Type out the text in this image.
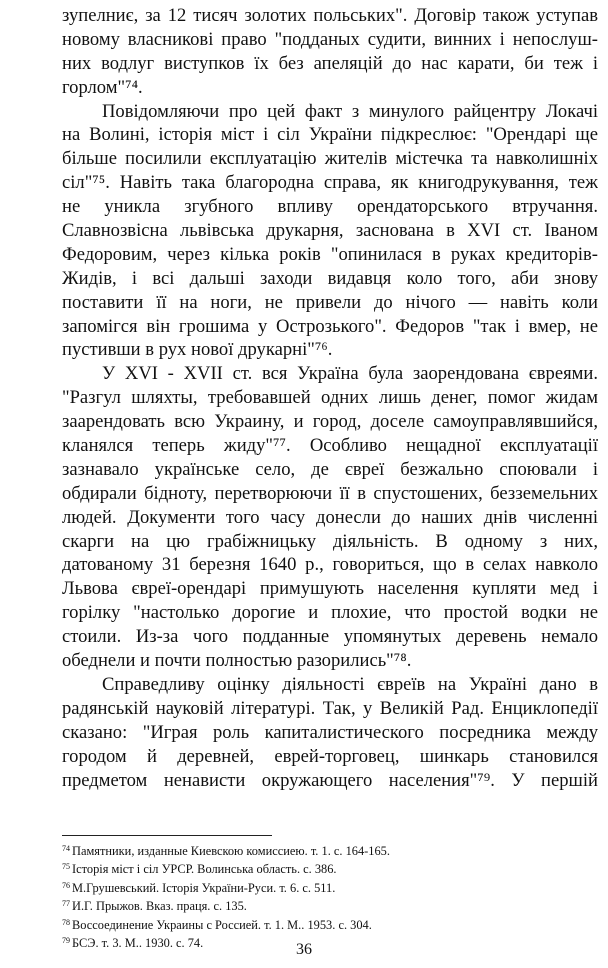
зупелниє, за 12 тисяч золотих польських". Договір також уступав
новому власникові право "подданых судити, винних і непослуш-
них водлуг виступков їх без апеляцій до нас карати, би теж і
горлом"⁷⁴.
Повідомляючи про цей факт з минулого райцентру Локачі
на Волині, історія міст і сіл України підкреслює: "Орендарі ще
більше посилили експлуатацію жителів містечка та навколишніх
сіл"⁷⁵. Навіть така благородна справа, як книгодрукування, теж
не уникла згубного впливу орендаторського втручання.
Славнозвісна львівська друкарня, заснована в XVI ст. Іваном
Федоровим, через кілька років "опинилася в руках кредиторів-
Жидів, і всі дальші заходи видавця коло того, аби знову
поставити її на ноги, не привели до нічого — навіть коли
запомігся він грошима у Острозького". Федоров "так і вмер, не
пустивши в рух нової друкарні"⁷⁶.
У XVI - XVII ст. вся Україна була заорендована євреями.
"Разгул шляхты, требовавшей одних лишь денег, помог жидам
заарендовать всю Украину, и город, доселе самоуправлявшийся,
кланялся теперь жиду"⁷⁷. Особливо нещадної експлуатації
зазнавало українське село, де євреї безжально споювали і
обдирали бідноту, перетворюючи її в спустошених, безземельних
людей. Документи того часу донесли до наших днів численні
скарги на цю грабіжницьку діяльність. В одному з них,
датованому 31 березня 1640 р., говориться, що в селах навколо
Львова євреї-орендарі примушують населення купляти мед і
горілку "настолько дорогие и плохие, что простой водки не
стоили. Из-за чого подданные упомянутых деревень немало
обеднели и почти полностью разорились"⁷⁸.
Справедливу оцінку діяльності євреїв на Україні дано в
радянській науковій літературі. Так, у Великій Рад. Енциклопедії
сказано: "Играя роль капиталистического посредника между
городом й деревней, еврей-торговец, шинкарь становился
предметом ненависти окружающего населения"⁷⁹. У першій
$^{74}$ Памятники, изданные Киевскою комиссиею. т. 1. с. 164-165.
$^{75}$ Історія міст і сіл УРСР. Волинська область. с. 386.
$^{76}$ М.Грушевський. Історія України-Руси. т. 6. с. 511.
$^{77}$ И.Г. Прыжов. Вказ. праця. с. 135.
$^{78}$ Воссоединение Украины с Россией. т. 1. М.. 1953. с. 304.
$^{79}$ БСЭ. т. 3. М.. 1930. с. 74.	36
